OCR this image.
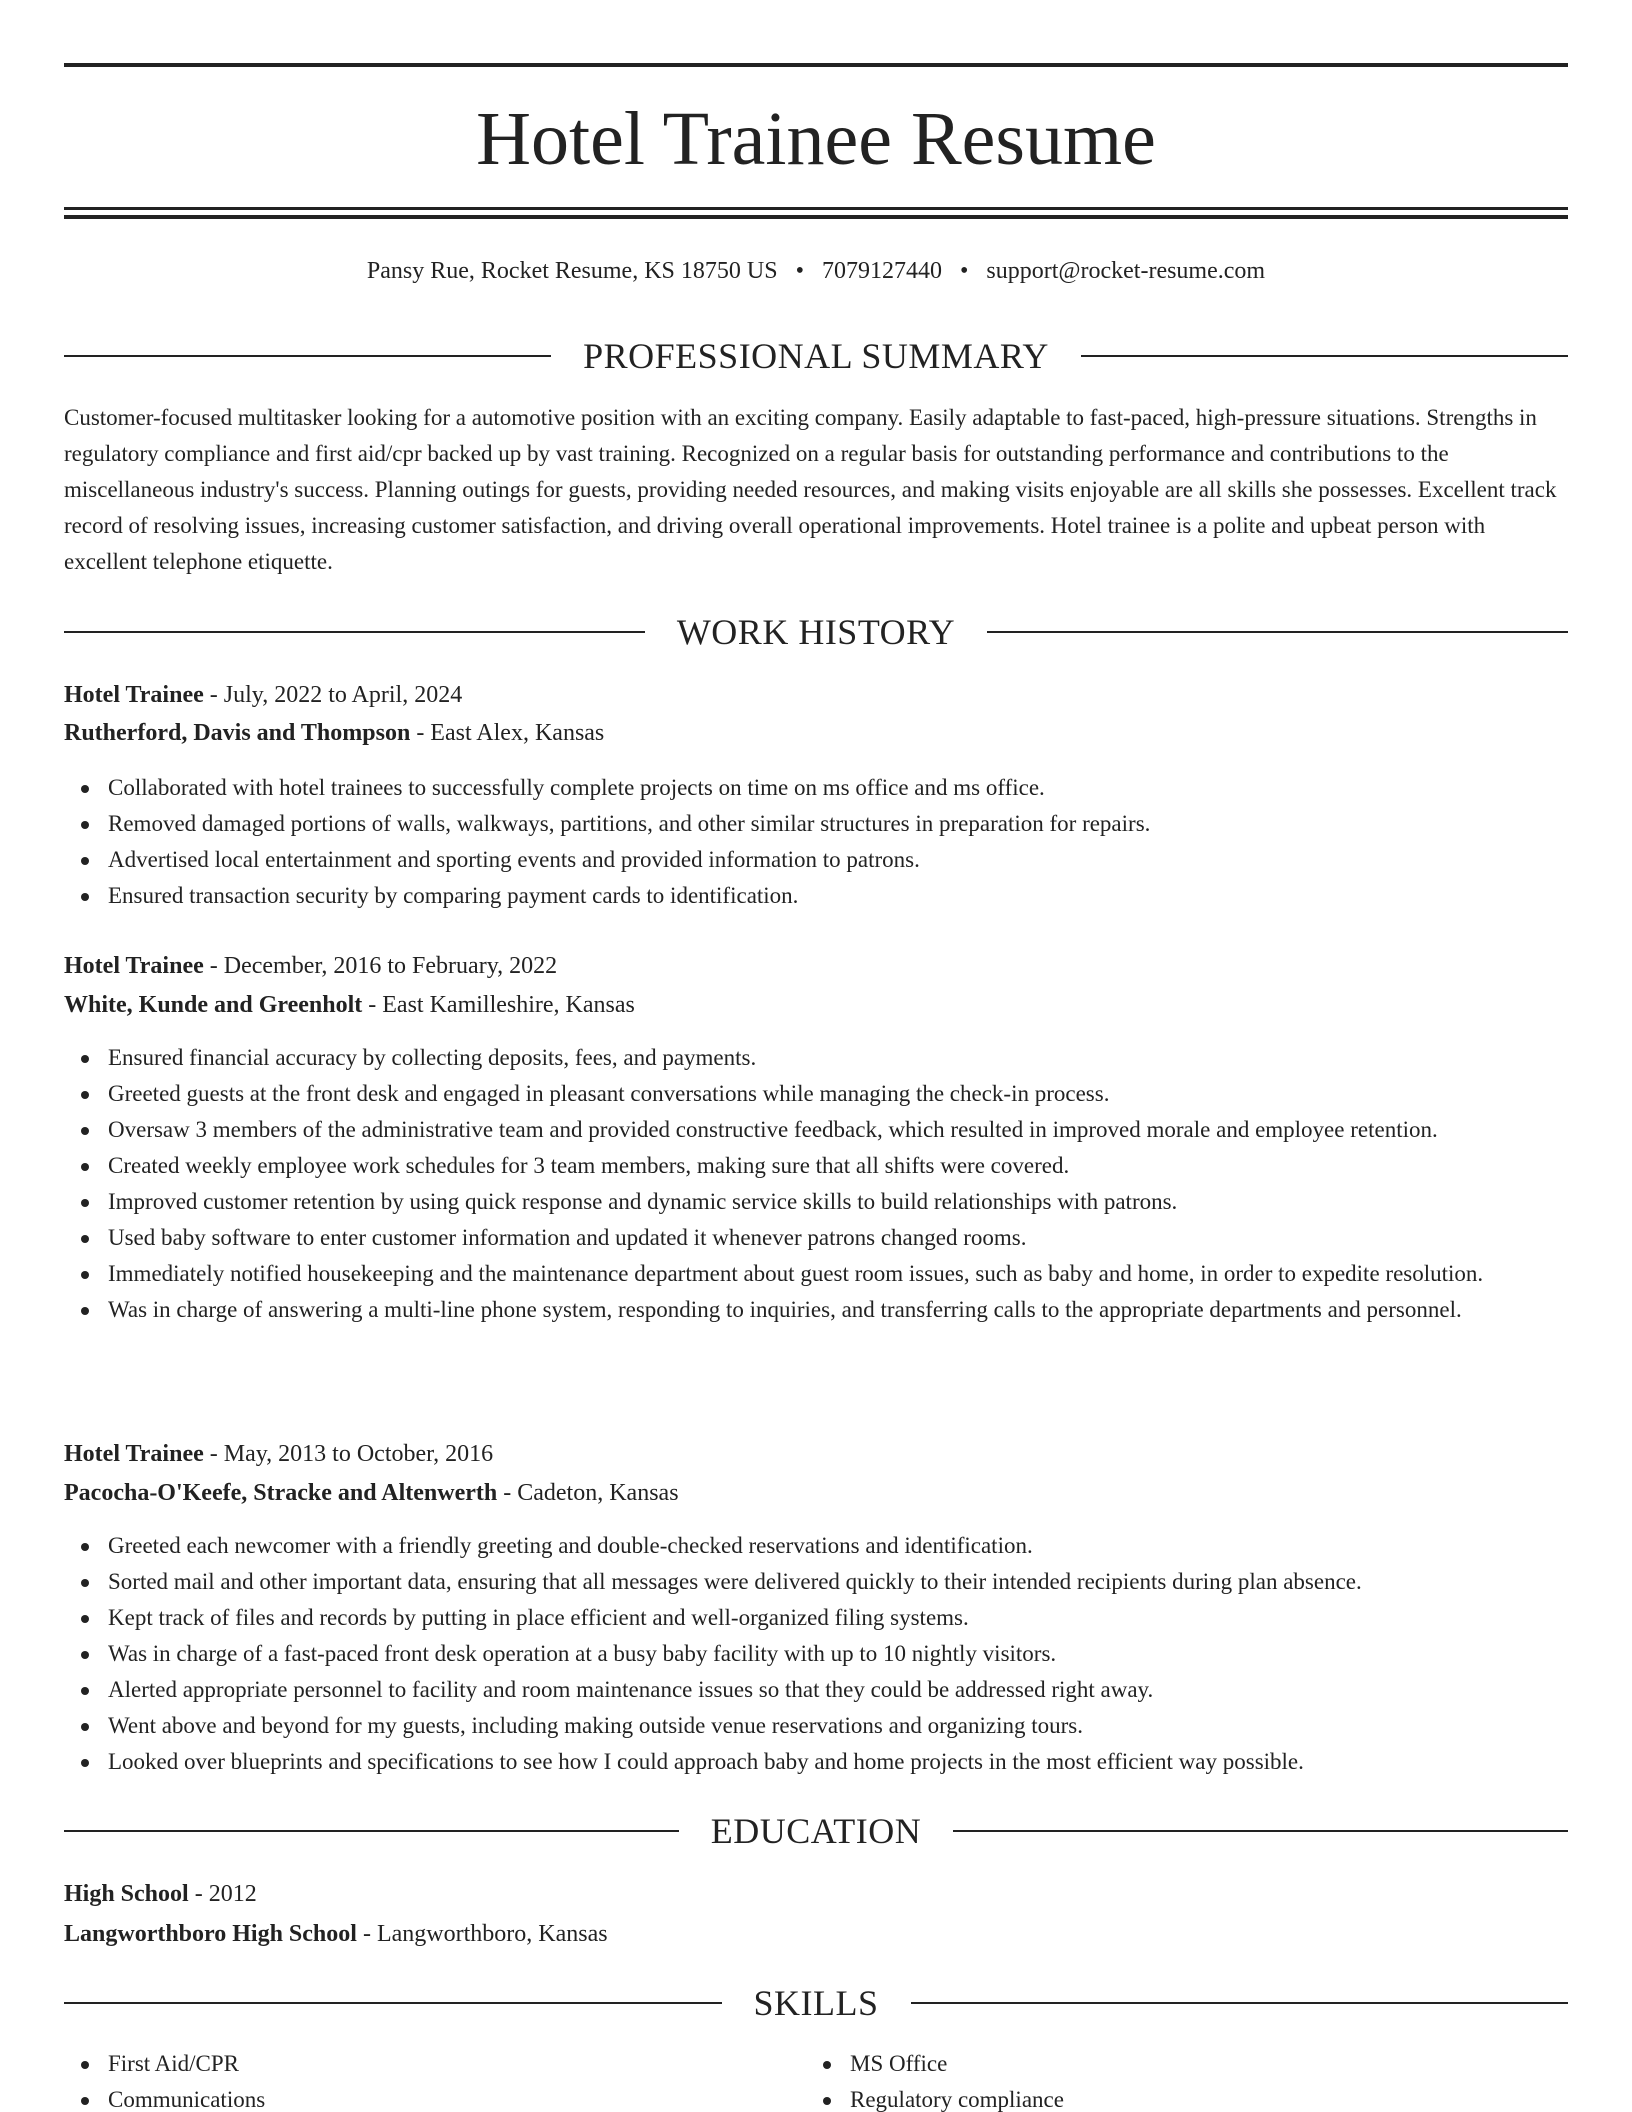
Hotel Trainee Resume
Pansy Rue, Rocket Resume, KS 18750 US • 7079127440 • support@rocket-resume.com
PROFESSIONAL SUMMARY

Customer-focused multitasker looking for a automotive position with an exciting company. Easily adaptable to fast-paced, high-pressure situations. Strengths in regulatory compliance and first aid/cpr backed up by vast training. Recognized on a regular basis for outstanding performance and contributions to the miscellaneous industry's success. Planning outings for guests, providing needed resources, and making visits enjoyable are all skills she possesses. Excellent track record of resolving issues, increasing customer satisfaction, and driving overall operational improvements. Hotel trainee is a polite and upbeat person with excellent telephone etiquette.

WORK HISTORY
Hotel Trainee - July, 2022 to April, 2024
Rutherford, Davis and Thompson - East Alex, Kansas
Collaborated with hotel trainees to successfully complete projects on time on ms office and ms office.
Removed damaged portions of walls, walkways, partitions, and other similar structures in preparation for repairs.
Advertised local entertainment and sporting events and provided information to patrons.
Ensured transaction security by comparing payment cards to identification.
Hotel Trainee - December, 2016 to February, 2022
White, Kunde and Greenholt - East Kamilleshire, Kansas
Ensured financial accuracy by collecting deposits, fees, and payments.
Greeted guests at the front desk and engaged in pleasant conversations while managing the check-in process.
Oversaw 3 members of the administrative team and provided constructive feedback, which resulted in improved morale and employee retention.
Created weekly employee work schedules for 3 team members, making sure that all shifts were covered.
Improved customer retention by using quick response and dynamic service skills to build relationships with patrons.
Used baby software to enter customer information and updated it whenever patrons changed rooms.
Immediately notified housekeeping and the maintenance department about guest room issues, such as baby and home, in order to expedite resolution.
Was in charge of answering a multi-line phone system, responding to inquiries, and transferring calls to the appropriate departments and personnel.
Hotel Trainee - May, 2013 to October, 2016
Pacocha-O'Keefe, Stracke and Altenwerth - Cadeton, Kansas
Greeted each newcomer with a friendly greeting and double-checked reservations and identification.
Sorted mail and other important data, ensuring that all messages were delivered quickly to their intended recipients during plan absence.
Kept track of files and records by putting in place efficient and well-organized filing systems.
Was in charge of a fast-paced front desk operation at a busy baby facility with up to 10 nightly visitors.
Alerted appropriate personnel to facility and room maintenance issues so that they could be addressed right away.
Went above and beyond for my guests, including making outside venue reservations and organizing tours.
Looked over blueprints and specifications to see how I could approach baby and home projects in the most efficient way possible.
EDUCATION
High School - 2012
Langworthboro High School - Langworthboro, Kansas
SKILLS
First Aid/CPR
Communications
MS Office
Regulatory compliance
